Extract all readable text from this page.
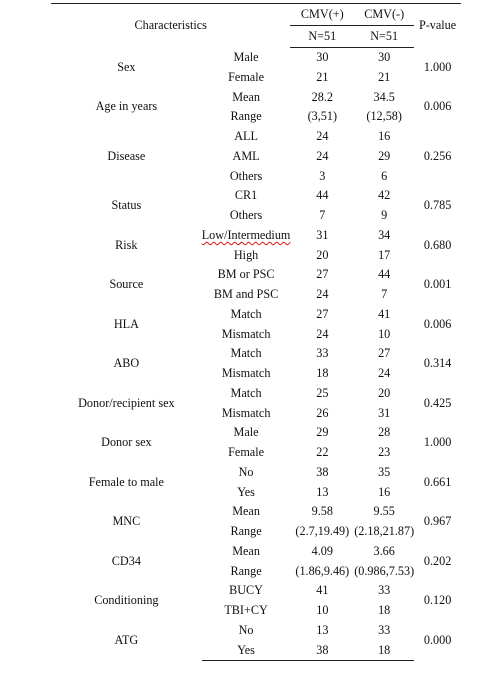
Characteristics		CMV(+)	CMV(-)	P-value
		N=51	N=51	
Sex	Male	30	30	1.000
	Female	21	21	
Age in years	Mean	28.2	34.5	0.006
	Range	(3,51)	(12,58)	
Disease	ALL	24	16	0.256
	AML	24	29	
	Others	3	6	
Status	CR1	44	42	0.785
	Others	7	9	
Risk	Low/Intermedium	31	34	0.680
	High	20	17	
Source	BM or PSC	27	44	0.001
	BM and PSC	24	7	
HLA	Match	27	41	0.006
	Mismatch	24	10	
ABO	Match	33	27	0.314
	Mismatch	18	24	
Donor/recipient sex	Match	25	20	0.425
	Mismatch	26	31	
Donor sex	Male	29	28	1.000
	Female	22	23	
Female to male	No	38	35	0.661
	Yes	13	16	
MNC	Mean	9.58	9.55	0.967
	Range	(2.7,19.49)	(2.18,21.87)	
CD34	Mean	4.09	3.66	0.202
	Range	(1.86,9.46)	(0.986,7.53)	
Conditioning	BUCY	41	33	0.120
	TBI+CY	10	18	
ATG	No	13	33	0.000
	Yes	38	18	
